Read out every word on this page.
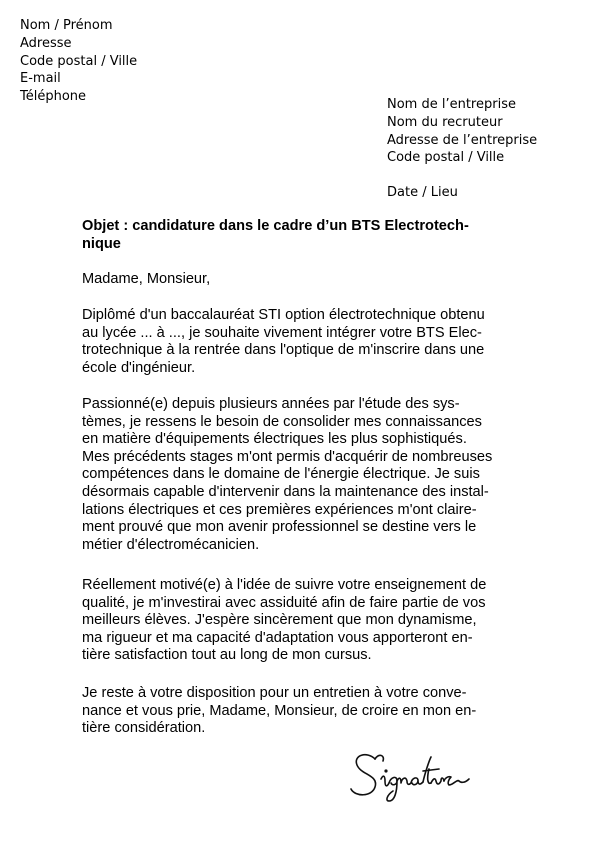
Nom / Prénom
Adresse
Code postal / Ville
E-mail
Téléphone
Nom de l’entreprise
Nom du recruteur
Adresse de l’entreprise
Code postal / Ville
Date / Lieu
Objet : candidature dans le cadre d’un BTS Electrotech-
nique
Madame, Monsieur,
Diplômé d'un baccalauréat STI option électrotechnique obtenu
au lycée ... à ..., je souhaite vivement intégrer votre BTS Elec-
trotechnique à la rentrée dans l'optique de m'inscrire dans une
école d'ingénieur.
Passionné(e) depuis plusieurs années par l'étude des sys-
tèmes, je ressens le besoin de consolider mes connaissances
en matière d'équipements électriques les plus sophistiqués.
Mes précédents stages m'ont permis d'acquérir de nombreuses
compétences dans le domaine de l'énergie électrique. Je suis
désormais capable d'intervenir dans la maintenance des instal-
lations électriques et ces premières expériences m'ont claire-
ment prouvé que mon avenir professionnel se destine vers le
métier d'électromécanicien.
Réellement motivé(e) à l'idée de suivre votre enseignement de
qualité, je m'investirai avec assiduité afin de faire partie de vos
meilleurs élèves. J'espère sincèrement que mon dynamisme,
ma rigueur et ma capacité d'adaptation vous apporteront en-
tière satisfaction tout au long de mon cursus.
Je reste à votre disposition pour un entretien à votre conve-
nance et vous prie, Madame, Monsieur, de croire en mon en-
tière considération.
